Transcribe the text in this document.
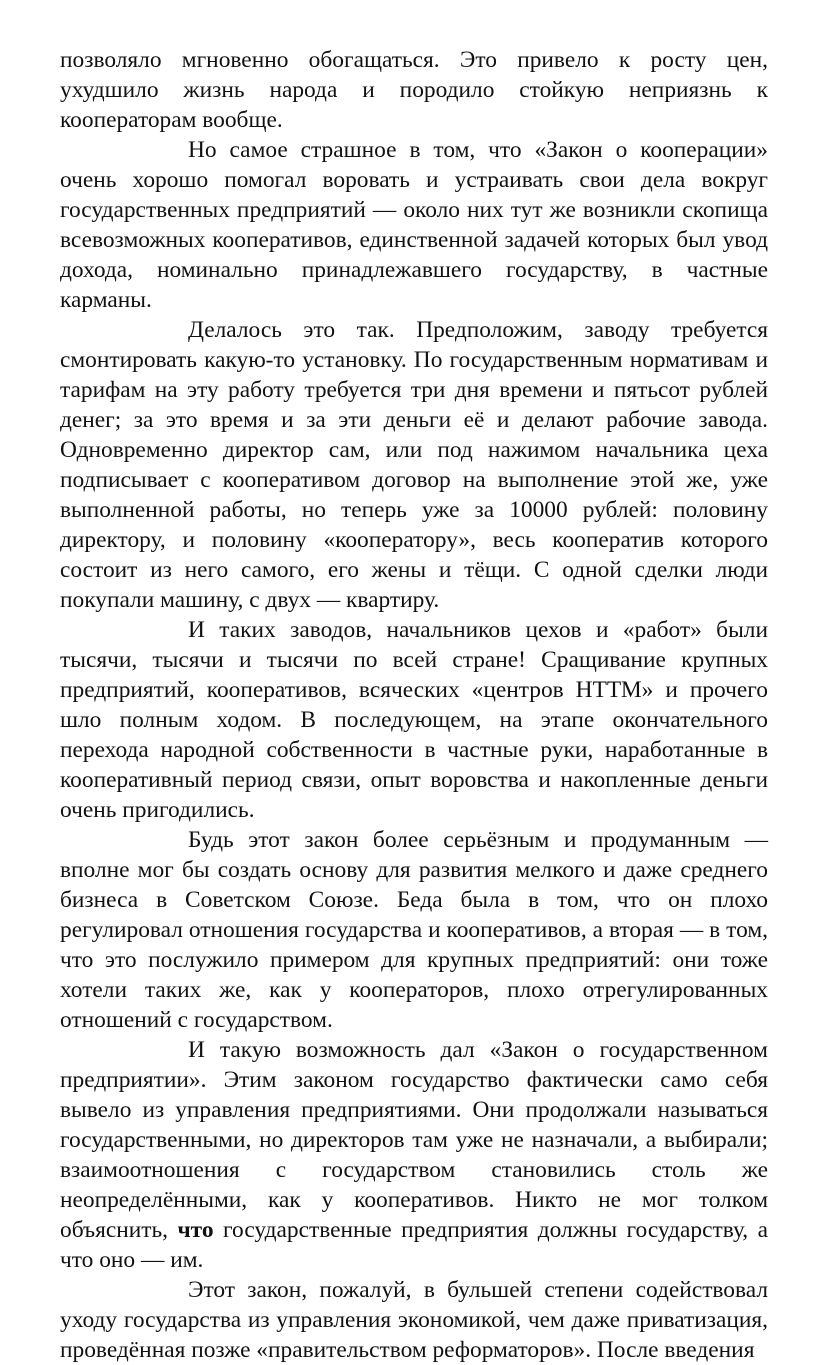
позволяло мгновенно обогащаться. Это привело к росту цен, ухудшило жизнь народа и породило стойкую неприязнь к кооператорам вообще.

Но самое страшное в том, что «Закон о кооперации» очень хорошо помогал воровать и устраивать свои дела вокруг государственных предприятий — около них тут же возникли скопища всевозможных кооперативов, единственной задачей которых был увод дохода, номинально принадлежавшего государству, в частные карманы.

Делалось это так. Предположим, заводу требуется смонтировать какую-то установку. По государственным нормативам и тарифам на эту работу требуется три дня времени и пятьсот рублей денег; за это время и за эти деньги её и делают рабочие завода. Одновременно директор сам, или под нажимом начальника цеха подписывает с кооперативом договор на выполнение этой же, уже выполненной работы, но теперь уже за 10000 рублей: половину директору, и половину «кооператору», весь кооператив которого состоит из него самого, его жены и тёщи. С одной сделки люди покупали машину, с двух — квартиру.

И таких заводов, начальников цехов и «работ» были тысячи, тысячи и тысячи по всей стране! Сращивание крупных предприятий, кооперативов, всяческих «центров НТТМ» и прочего шло полным ходом. В последующем, на этапе окончательного перехода народной собственности в частные руки, наработанные в кооперативный период связи, опыт воровства и накопленные деньги очень пригодились.

Будь этот закон более серьёзным и продуманным — вполне мог бы создать основу для развития мелкого и даже среднего бизнеса в Советском Союзе. Беда была в том, что он плохо регулировал отношения государства и кооперативов, а вторая — в том, что это послужило примером для крупных предприятий: они тоже хотели таких же, как у кооператоров, плохо отрегулированных отношений с государством.

И такую возможность дал «Закон о государственном предприятии». Этим законом государство фактически само себя вывело из управления предприятиями. Они продолжали называться государственными, но директоров там уже не назначали, а выбирали; взаимоотношения с государством становились столь же неопределёнными, как у кооперативов. Никто не мог толком объяснить, что государственные предприятия должны государству, а что оно — им.

Этот закон, пожалуй, в бульшей степени содействовал уходу государства из управления экономикой, чем даже приватизация, проведённая позже «правительством реформаторов». После введения
